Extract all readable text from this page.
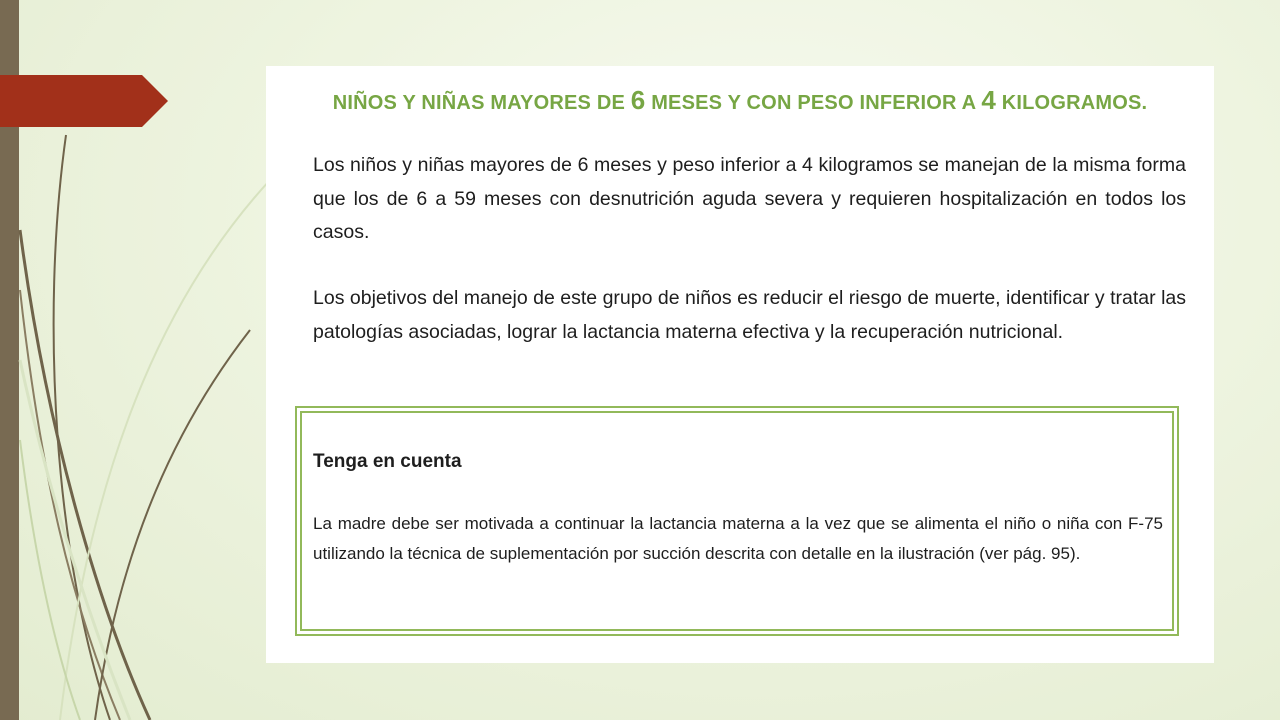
NIÑOS Y NIÑAS MAYORES DE 6 MESES Y CON PESO INFERIOR A 4 KILOGRAMOS.
Los niños y niñas mayores de 6 meses y peso inferior a 4 kilogramos se manejan de la misma forma que los de 6 a 59 meses con desnutrición aguda severa y requieren hospitalización en todos los casos.
Los objetivos del manejo de este grupo de niños es reducir el riesgo de muerte, identificar y tratar las patologías asociadas, lograr la lactancia materna efectiva y la recuperación nutricional.
Tenga en cuenta
La madre debe ser motivada a continuar la lactancia materna a la vez que se alimenta el niño o niña con F-75 utilizando la técnica de suplementación por succión descrita con detalle en la ilustración (ver pág. 95).
